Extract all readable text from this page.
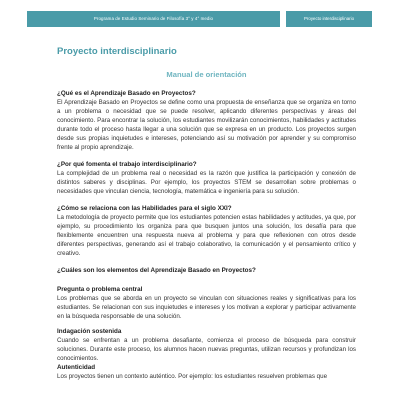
Programa de Estudio Seminario de Filosofía 3° y 4° medio	Proyecto interdisciplinario
Proyecto interdisciplinario
Manual de orientación

¿Qué es el Aprendizaje Basado en Proyectos?

El Aprendizaje Basado en Proyectos se define como una propuesta de enseñanza que se organiza en torno a un problema o necesidad que se puede resolver, aplicando diferentes perspectivas y áreas del conocimiento. Para encontrar la solución, los estudiantes movilizarán conocimientos, habilidades y actitudes durante todo el proceso hasta llegar a una solución que se expresa en un producto. Los proyectos surgen desde sus propias inquietudes e intereses, potenciando así su motivación por aprender y su compromiso frente al propio aprendizaje.

¿Por qué fomenta el trabajo interdisciplinario?

La complejidad de un problema real o necesidad es la razón que justifica la participación y conexión de distintos saberes y disciplinas. Por ejemplo, los proyectos STEM se desarrollan sobre problemas o necesidades que vinculan ciencia, tecnología, matemática e ingeniería para su solución.

¿Cómo se relaciona con las Habilidades para el siglo XXI?

La metodología de proyecto permite que los estudiantes potencien estas habilidades y actitudes, ya que, por ejemplo, su procedimiento los organiza para que busquen juntos una solución, los desafía para que flexiblemente encuentren una respuesta nueva al problema y para que reflexionen con otros desde diferentes perspectivas, generando así el trabajo colaborativo, la comunicación y el pensamiento crítico y creativo.

¿Cuáles son los elementos del Aprendizaje Basado en Proyectos?

Pregunta o problema central

Los problemas que se aborda en un proyecto se vinculan con situaciones reales y significativas para los estudiantes. Se relacionan con sus inquietudes e intereses y los motivan a explorar y participar activamente en la búsqueda responsable de una solución.

Indagación sostenida

Cuando se enfrentan a un problema desafiante, comienza el proceso de búsqueda para construir soluciones. Durante este proceso, los alumnos hacen nuevas preguntas, utilizan recursos y profundizan los conocimientos.

Autenticidad

Los proyectos tienen un contexto auténtico. Por ejemplo: los estudiantes resuelven problemas que
